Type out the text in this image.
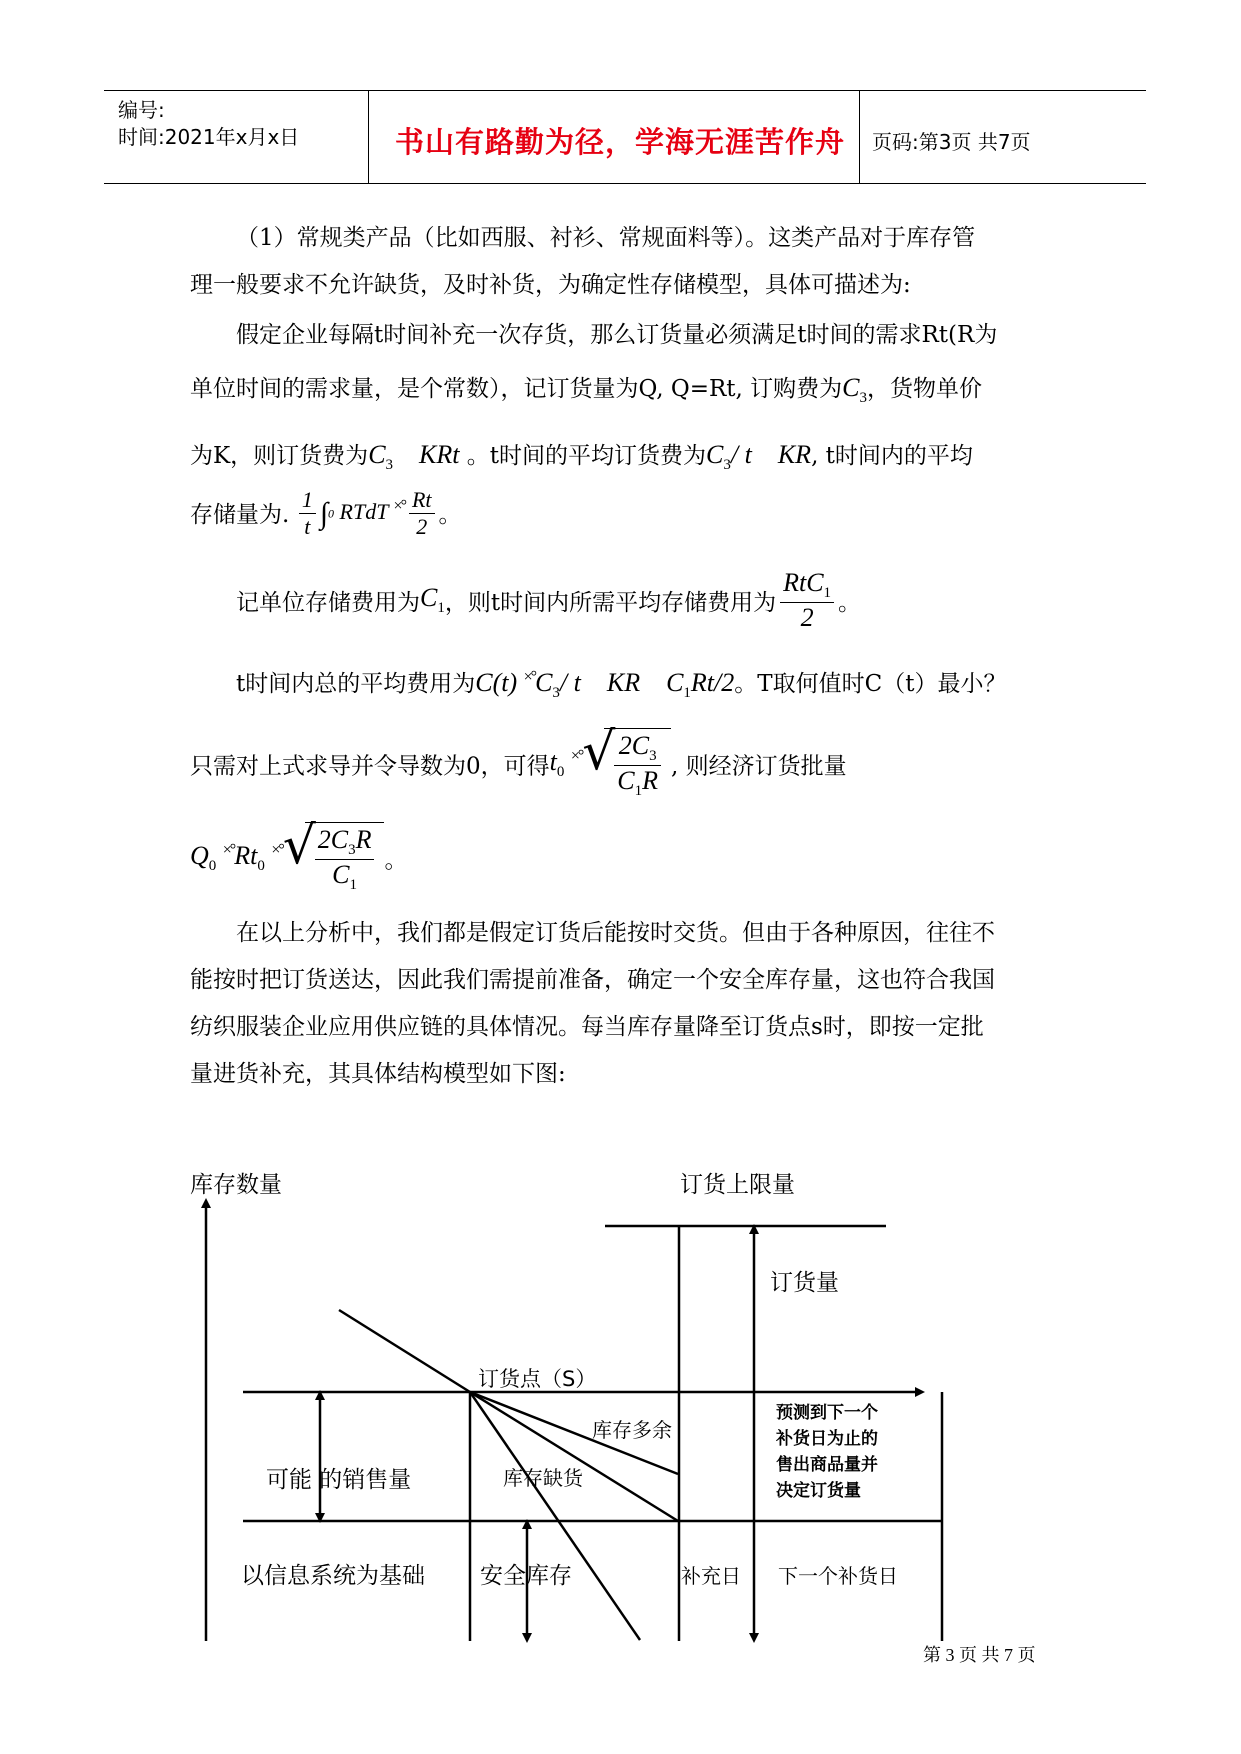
编号:
时间:2021年x月x日	书山有路勤为径，学海无涯苦作舟 页码:第3页 共7页
（1）常规类产品（比如西服、衬衫、常规面料等）。这类产品对于库存管
理一般要求不允许缺货，及时补货，为确定性存储模型，具体可描述为:
假定企业每隔t时间补充一次存货，那么订货量必须满足t时间的需求Rt(R为
单位时间的需求量，是个常数），记订货量为Q, Q=Rt, 订购费为$C_3$，货物单价
为K，则订货费为$C_3$    KRt 。t时间的平均订货费为$C_3/$ t    KR, t时间内的平均
存储量为. $\frac{1}{t} \int 0$ RTdT $^{\times^\circ} \frac{Rt}{2}$ 。
记单位存储费用为$C_1$，则t时间内所需平均存储费用为 $\frac{RtC_1}{2}$ 。
t时间内总的平均费用为C(t) $^{\times^\circ}C_3/$ t    KR    $C_1Rt/2$。T取何值时C（t）最小？
只需对上式求导并令导数为0，可得$t_0$ ×° √
$\frac{2C_3}{C_1R}$ , 则经济订货批量
$Q_0$ $^{\times^\circ}Rt_0$ ×° √
$\frac{2C_3R}{C_1}$ 。
在以上分析中，我们都是假定订货后能按时交货。但由于各种原因，往往不
能按时把订货送达，因此我们需提前准备，确定一个安全库存量，这也符合我国
纺织服装企业应用供应链的具体情况。每当库存量降至订货点s时，即按一定批
量进货补充，其具体结构模型如下图:
库存数量	订货上限量
订货量
订货点（S）
库存多余
库存缺货
可能 的销售量
以信息系统为基础 安全库存	补充日 下一个补货日
预测到下一个
补货日为止的
售出商品量并
决定订货量
第 3 页 共 7 页
